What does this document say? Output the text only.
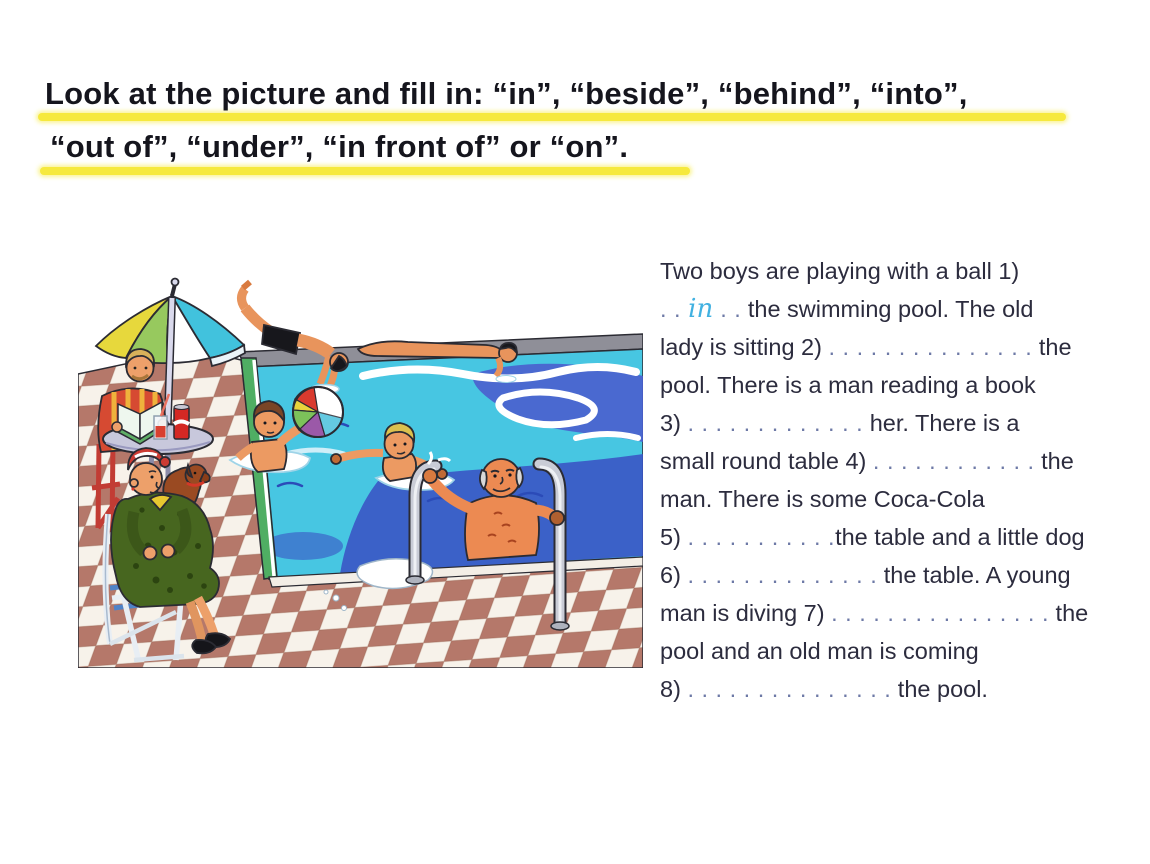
Look at the picture and fill in: “in”, “beside”, “behind”, “into”,
“out of”, “under”, “in front of” or “on”.
Two boys are playing with a ball 1)
. . in . . the swimming pool. The old
lady is sitting 2) . . . . . . . . . . . . . . . the
pool. There is a man reading a book
3) . . . . . . . . . . . . . her. There is a
small round table 4) . . . . . . . . . . . . the
man. There is some Coca-Cola
5) . . . . . . . . . . .the table and a little dog
6) . . . . . . . . . . . . . . the table. A young
man is diving 7) . . . . . . . . . . . . . . . . the
pool and an old man is coming
8) . . . . . . . . . . . . . . . the pool.
